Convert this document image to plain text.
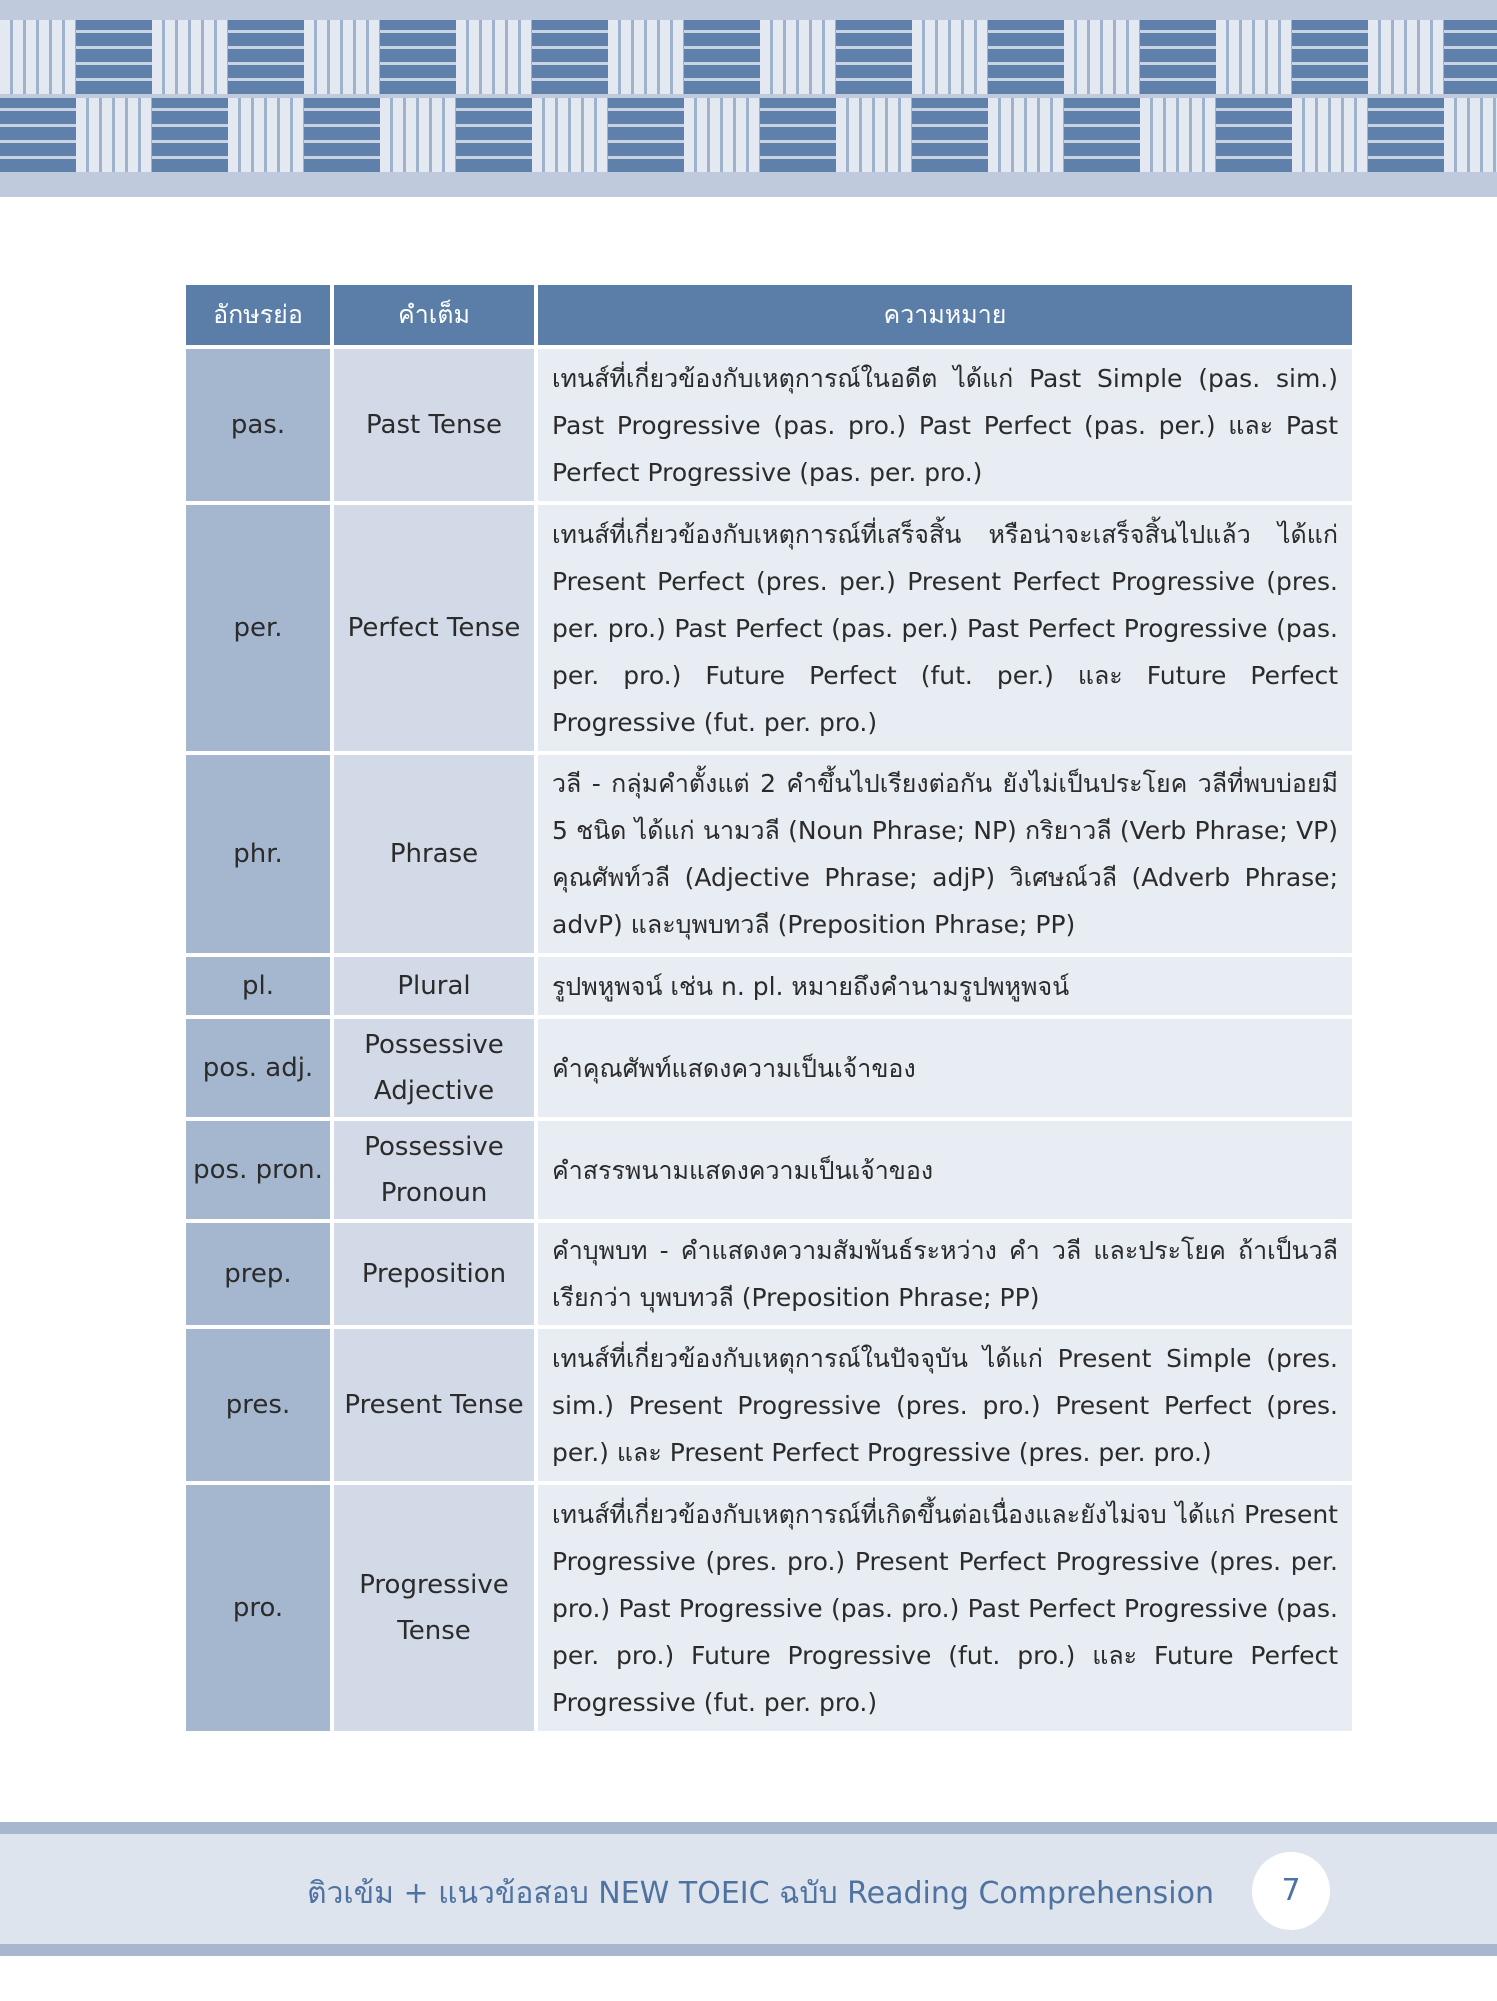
อักษรย่อ	คำเต็ม	ความหมาย
pas.	Past Tense	เทนส์ที่เกี่ยวข้องกับเหตุการณ์ในอดีต ได้แก่ Past Simple (pas. sim.) Past Progressive (pas. pro.) Past Perfect (pas. per.) และ Past Perfect Progressive (pas. per. pro.)
per.	Perfect Tense	เทนส์ที่เกี่ยวข้องกับเหตุการณ์ที่เสร็จสิ้น หรือน่าจะเสร็จสิ้นไปแล้ว ได้แก่ Present Perfect (pres. per.) Present Perfect Progressive (pres. per. pro.) Past Perfect (pas. per.) Past Perfect Progressive (pas. per. pro.) Future Perfect (fut. per.) และ Future Perfect Progressive (fut. per. pro.)
phr.	Phrase	วลี - กลุ่มคำตั้งแต่ 2 คำขึ้นไปเรียงต่อกัน ยังไม่เป็นประโยค วลีที่พบบ่อยมี 5 ชนิด ได้แก่ นามวลี (Noun Phrase; NP) กริยาวลี (Verb Phrase; VP) คุณศัพท์วลี (Adjective Phrase; adjP) วิเศษณ์วลี (Adverb Phrase; advP) และบุพบทวลี (Preposition Phrase; PP)
pl.	Plural	รูปพหูพจน์ เช่น n. pl. หมายถึงคำนามรูปพหูพจน์
pos. adj.	Possessive Adjective	คำคุณศัพท์แสดงความเป็นเจ้าของ
pos. pron.	Possessive Pronoun	คำสรรพนามแสดงความเป็นเจ้าของ
prep.	Preposition	คำบุพบท - คำแสดงความสัมพันธ์ระหว่าง คำ วลี และประโยค ถ้าเป็นวลี เรียกว่า บุพบทวลี (Preposition Phrase; PP)
pres.	Present Tense	เทนส์ที่เกี่ยวข้องกับเหตุการณ์ในปัจจุบัน ได้แก่ Present Simple (pres. sim.) Present Progressive (pres. pro.) Present Perfect (pres. per.) และ Present Perfect Progressive (pres. per. pro.)
pro.	Progressive Tense	เทนส์ที่เกี่ยวข้องกับเหตุการณ์ที่เกิดขึ้นต่อเนื่องและยังไม่จบ ได้แก่ Present Progressive (pres. pro.) Present Perfect Progressive (pres. per. pro.) Past Progressive (pas. pro.) Past Perfect Progressive (pas. per. pro.) Future Progressive (fut. pro.) และ Future Perfect Progressive (fut. per. pro.)
ติวเข้ม + แนวข้อสอบ NEW TOEIC ฉบับ Reading Comprehension	7
